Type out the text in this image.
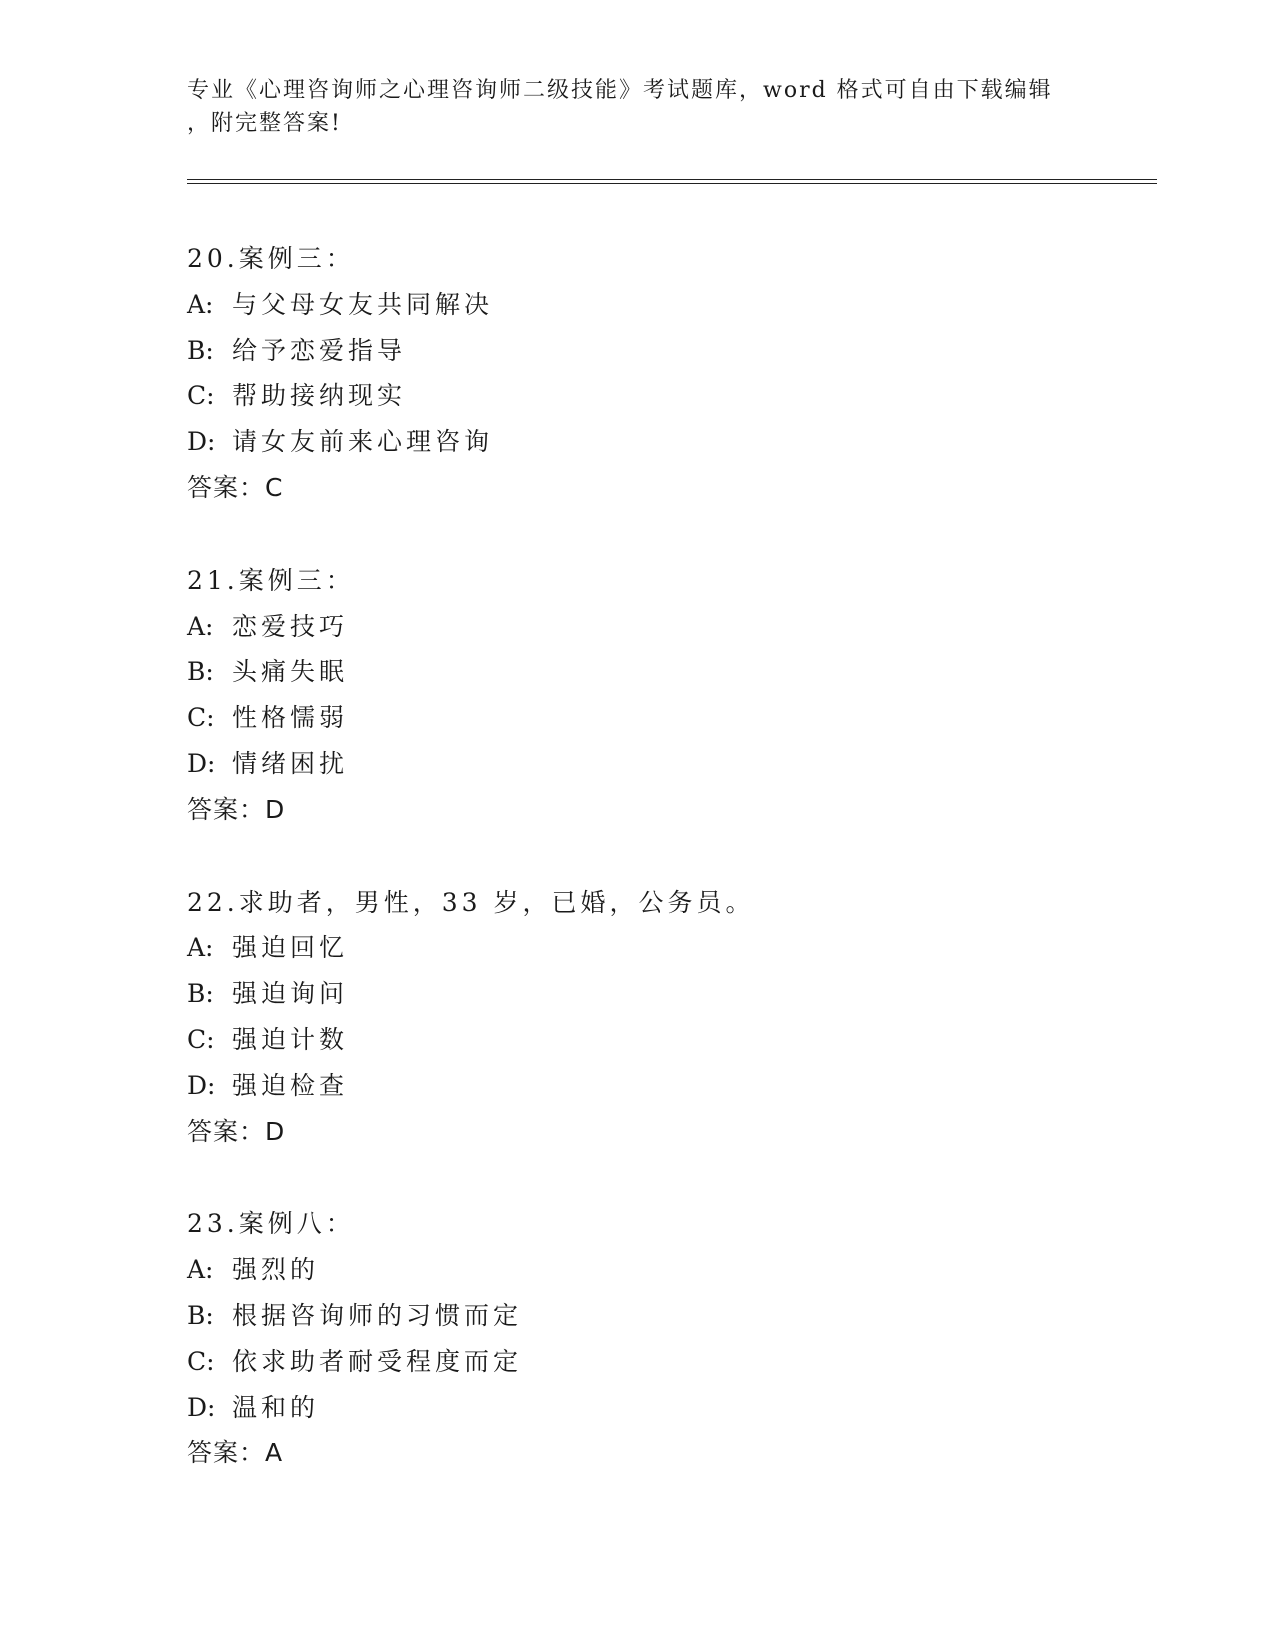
专业《心理咨询师之心理咨询师二级技能》考试题库，word 格式可自由下载编辑
，附完整答案!
20.案例三：
A: 与父母女友共同解决
B: 给予恋爱指导
C: 帮助接纳现实
D: 请女友前来心理咨询
答案：C
21.案例三：
A: 恋爱技巧
B: 头痛失眠
C: 性格懦弱
D: 情绪困扰
答案：D
22.求助者，男性，33 岁，已婚，公务员。
A: 强迫回忆
B: 强迫询问
C: 强迫计数
D: 强迫检查
答案：D
23.案例八：
A: 强烈的
B: 根据咨询师的习惯而定
C: 依求助者耐受程度而定
D: 温和的
答案：A
